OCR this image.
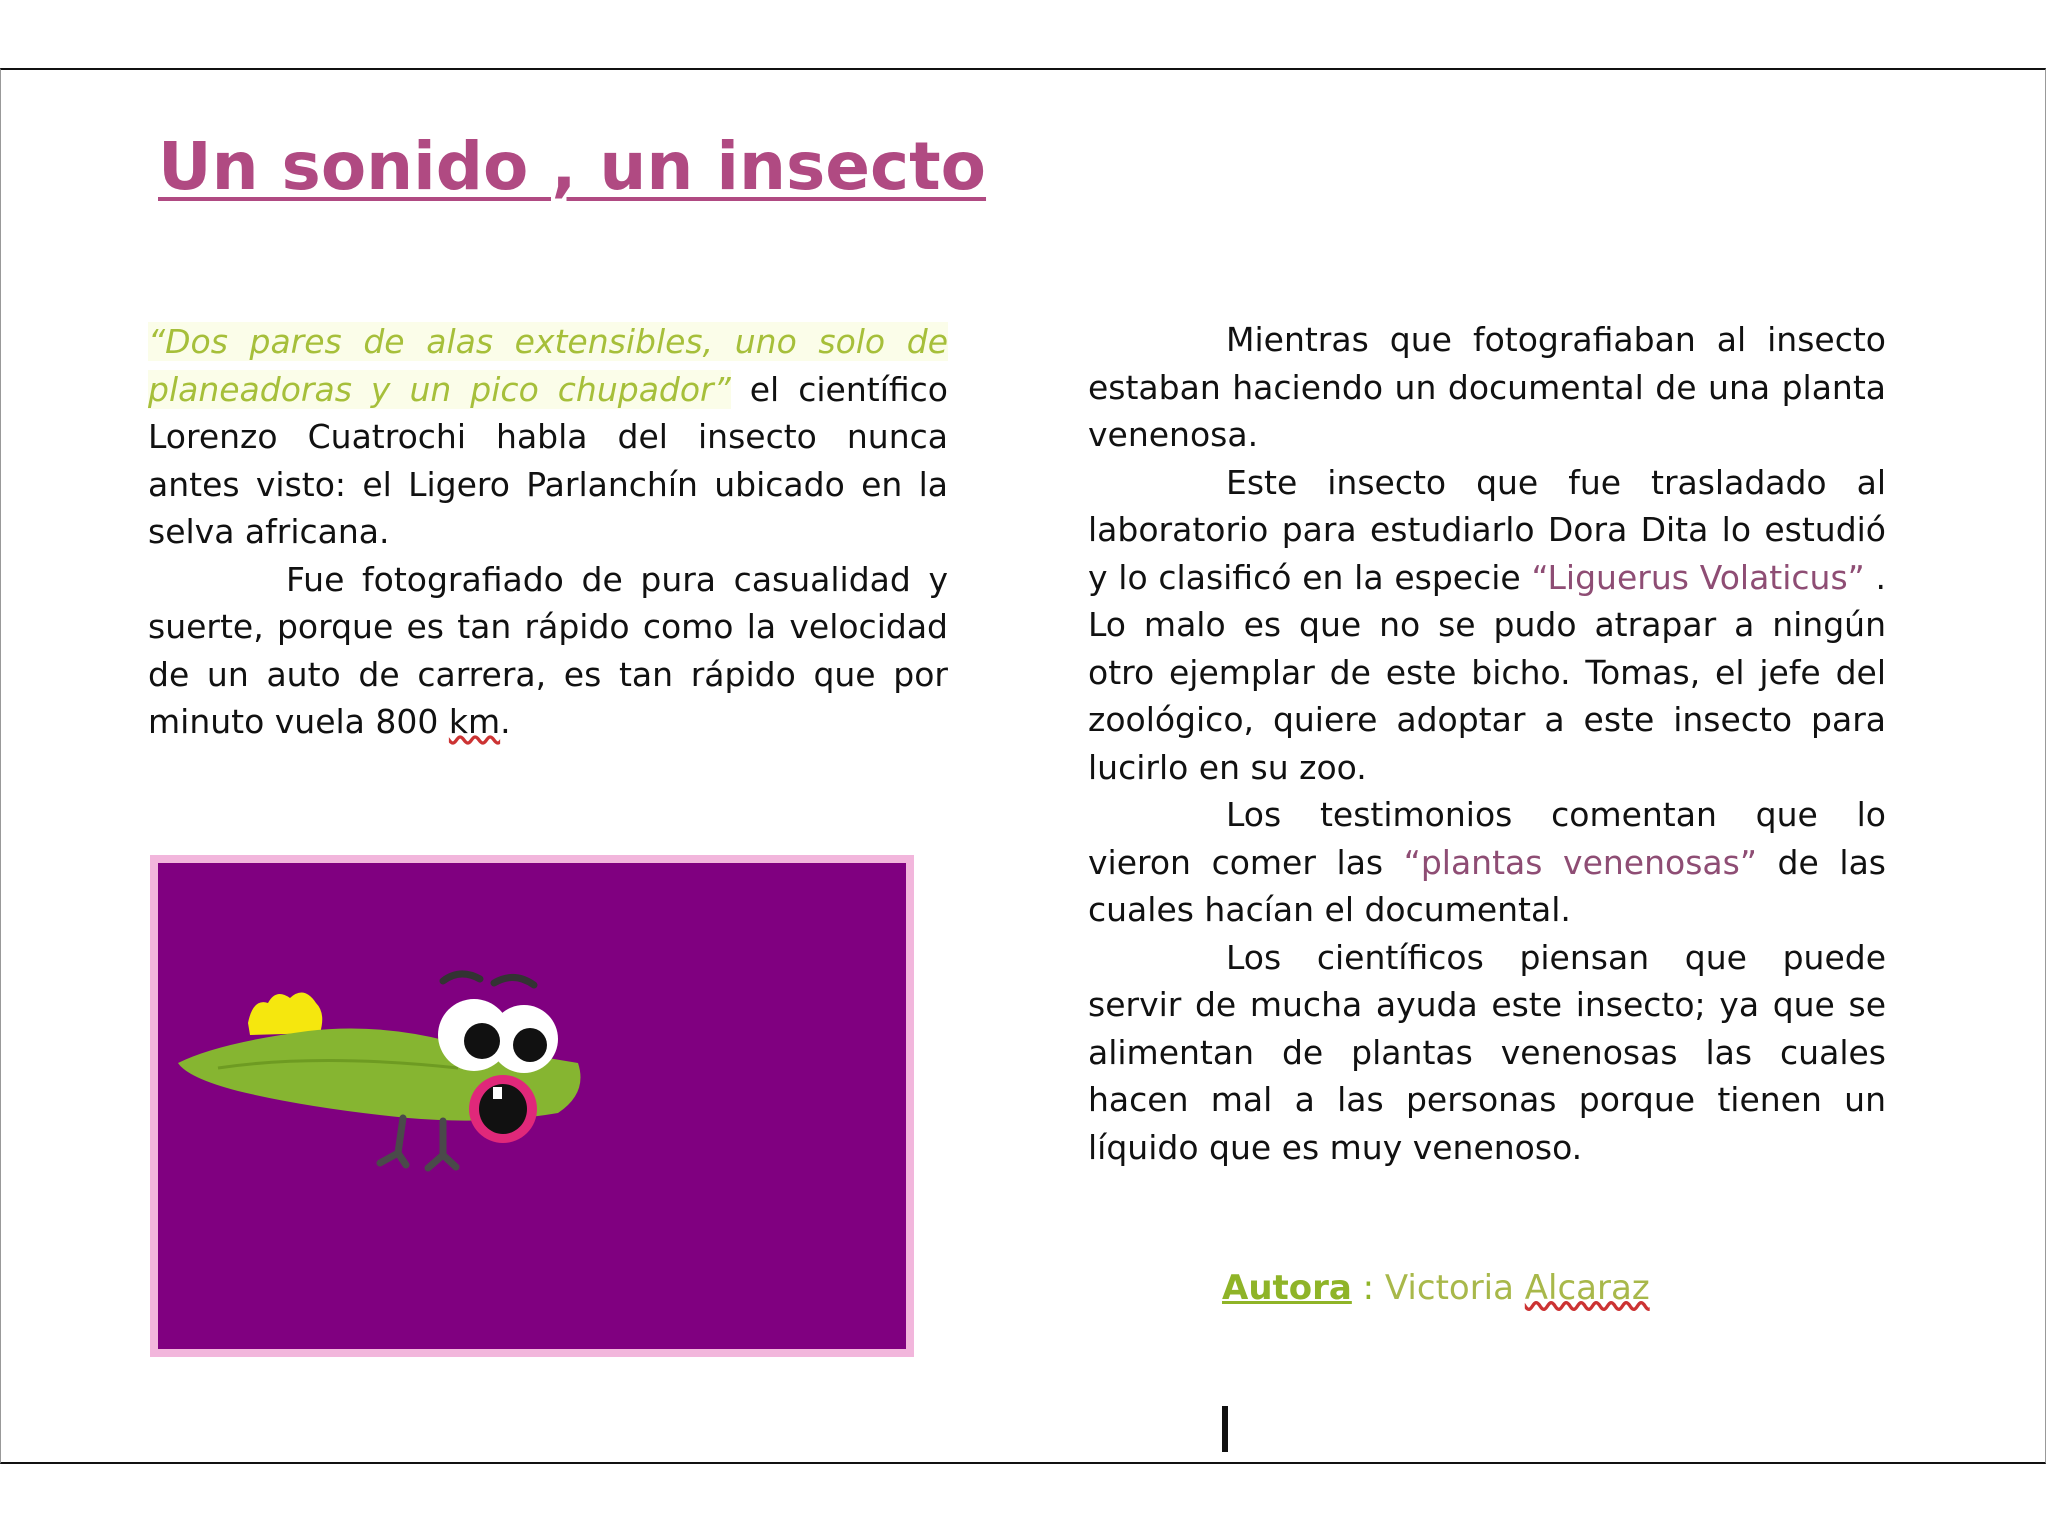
Un sonido , un insecto

“Dos pares de alas extensibles, uno solo de planeadoras y un pico chupador” el científico Lorenzo Cuatrochi habla del insecto nunca antes visto: el Ligero Parlanchín ubicado en la selva africana.

Fue fotografiado de pura casualidad y suerte, porque es tan rápido como la velocidad de un auto de carrera, es tan rápido que por minuto vuela 800 km.

Mientras que fotografiaban al insecto estaban haciendo un documental de una planta venenosa.

Este insecto que fue trasladado al laboratorio para estudiarlo Dora Dita lo estudió y lo clasificó en la especie “Liguerus Volaticus” . Lo malo es que no se pudo atrapar a ningún otro ejemplar de este bicho. Tomas, el jefe del zoológico, quiere adoptar a este insecto para lucirlo en su zoo.

Los testimonios comentan que lo vieron comer las “plantas venenosas” de las cuales hacían el documental.

Los científicos piensan que puede servir de mucha ayuda este insecto; ya que se alimentan de plantas venenosas las cuales hacen mal a las personas porque tienen un líquido que es muy venenoso.

Autora : Victoria Alcaraz
